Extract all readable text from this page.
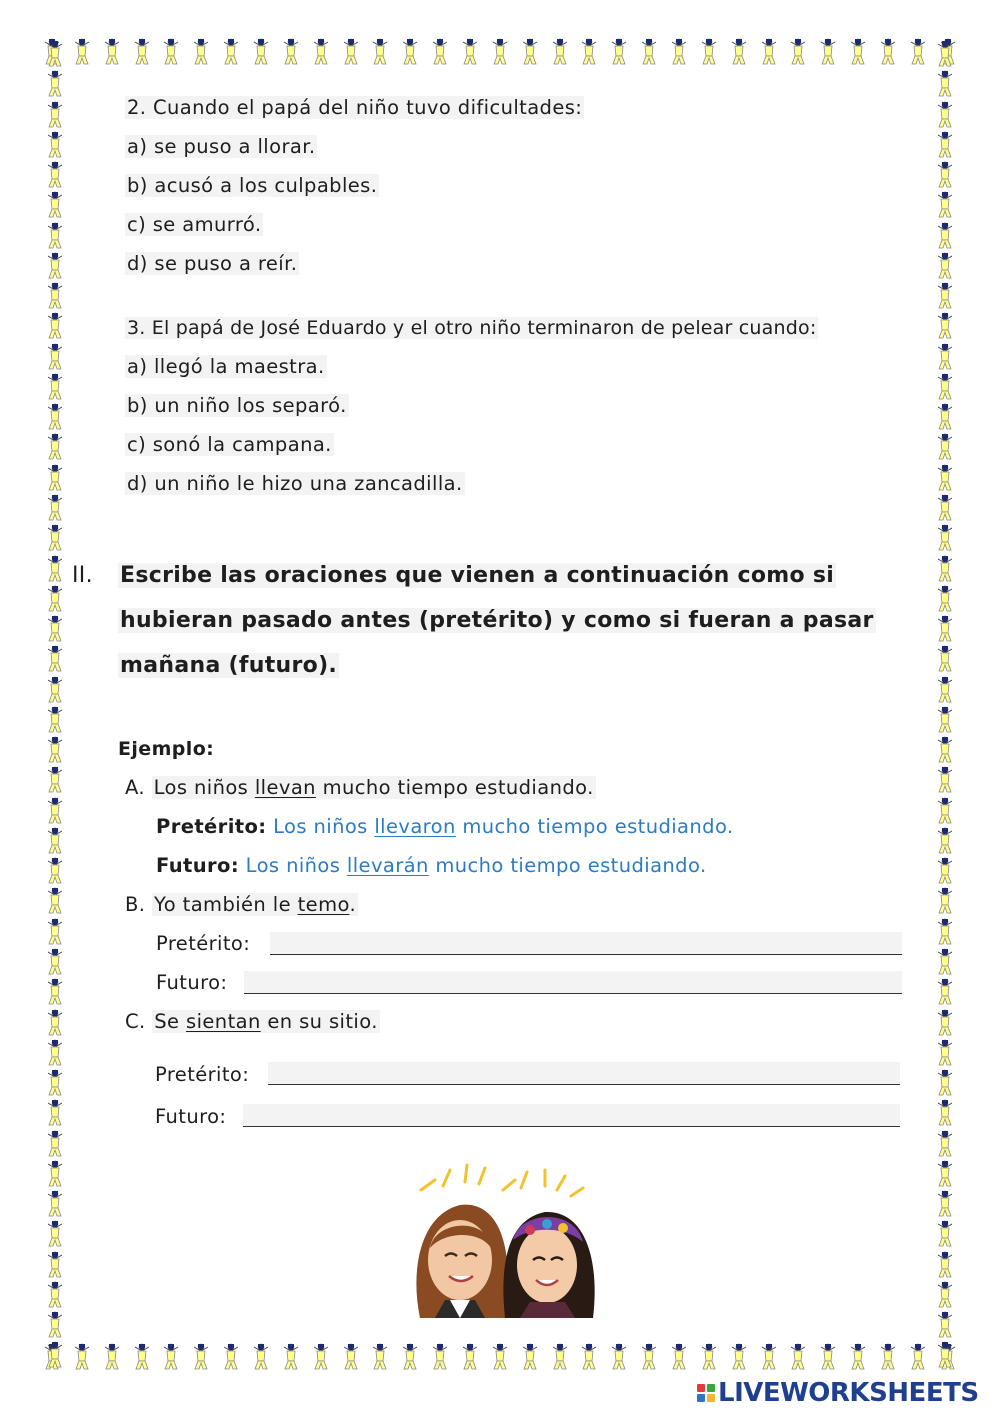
2. Cuando el papá del niño tuvo dificultades:
a) se puso a llorar.
b) acusó a los culpables.
c) se amurró.
d) se puso a reír.
3. El papá de José Eduardo y el otro niño terminaron de pelear cuando:
a) llegó la maestra.
b) un niño los separó.
c) sonó la campana.
d) un niño le hizo una zancadilla.
II. Escribe las oraciones que vienen a continuación como si
hubieran pasado antes (pretérito) y como si fueran a pasar
mañana (futuro).
Ejemplo:
A. Los niños llevan mucho tiempo estudiando.
Pretérito: Los niños llevaron mucho tiempo estudiando.
Futuro: Los niños llevarán mucho tiempo estudiando.
B. Yo también le temo.
Pretérito:
Futuro:
C. Se sientan en su sitio.
Pretérito:
Futuro:
LIVEWORKSHEETS
